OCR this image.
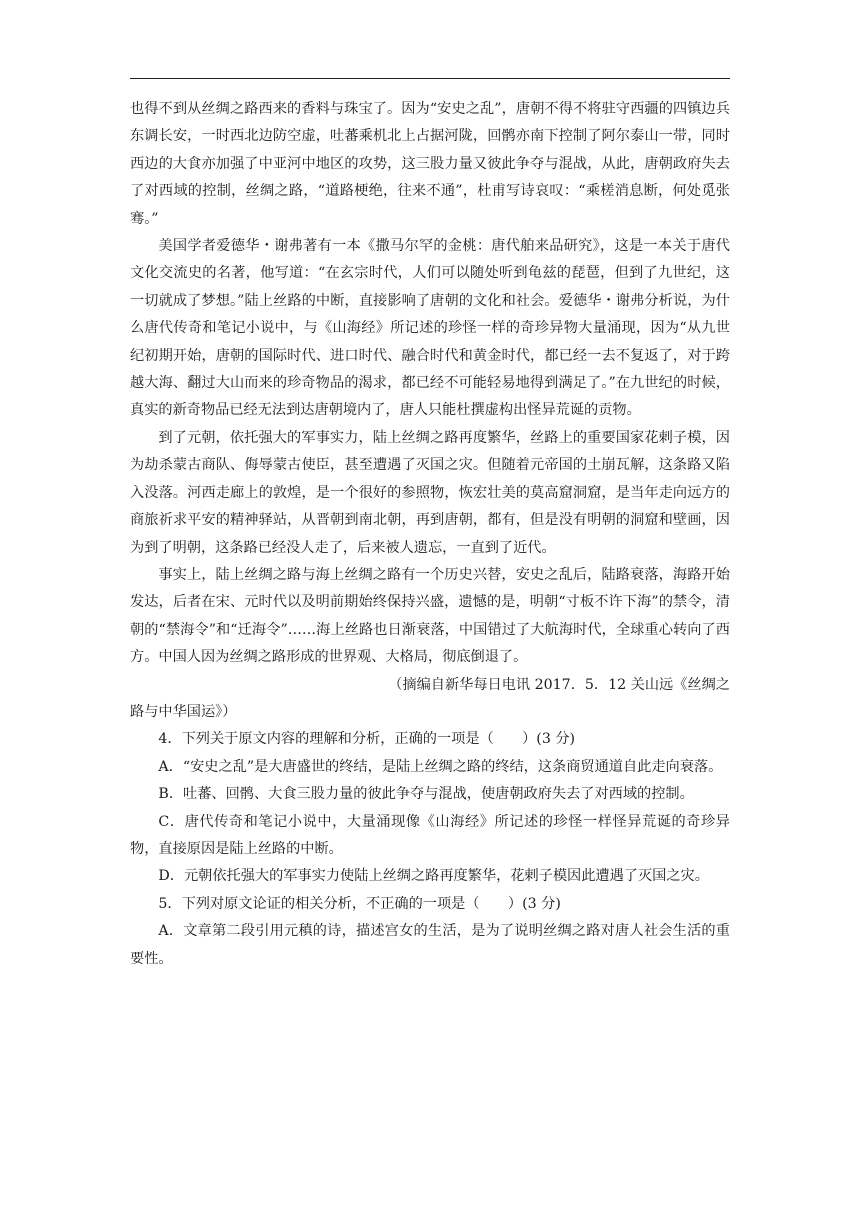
也得不到从丝绸之路西来的香料与珠宝了。因为“安史之乱”，唐朝不得不将驻守西疆的四镇边兵东调长安，一时西北边防空虚，吐蕃乘机北上占据河陇，回鹘亦南下控制了阿尔泰山一带，同时西边的大食亦加强了中亚河中地区的攻势，这三股力量又彼此争夺与混战，从此，唐朝政府失去了对西域的控制，丝绸之路，“道路梗绝，往来不通”，杜甫写诗哀叹：“乘槎消息断，何处觅张骞。”

美国学者爱德华・谢弗著有一本《撒马尔罕的金桃：唐代舶来品研究》，这是一本关于唐代文化交流史的名著，他写道：“在玄宗时代，人们可以随处听到龟兹的琵琶，但到了九世纪，这一切就成了梦想。”陆上丝路的中断，直接影响了唐朝的文化和社会。爱德华・谢弗分析说，为什么唐代传奇和笔记小说中，与《山海经》所记述的珍怪一样的奇珍异物大量涌现，因为“从九世纪初期开始，唐朝的国际时代、进口时代、融合时代和黄金时代，都已经一去不复返了，对于跨越大海、翻过大山而来的珍奇物品的渴求，都已经不可能轻易地得到满足了。”在九世纪的时候，真实的新奇物品已经无法到达唐朝境内了，唐人只能杜撰虚构出怪异荒诞的贡物。

到了元朝，依托强大的军事实力，陆上丝绸之路再度繁华，丝路上的重要国家花剌子模，因为劫杀蒙古商队、侮辱蒙古使臣，甚至遭遇了灭国之灾。但随着元帝国的土崩瓦解，这条路又陷入没落。河西走廊上的敦煌，是一个很好的参照物，恢宏壮美的莫高窟洞窟，是当年走向远方的商旅祈求平安的精神驿站，从晋朝到南北朝，再到唐朝，都有，但是没有明朝的洞窟和壁画，因为到了明朝，这条路已经没人走了，后来被人遗忘，一直到了近代。

事实上，陆上丝绸之路与海上丝绸之路有一个历史兴替，安史之乱后，陆路衰落，海路开始发达，后者在宋、元时代以及明前期始终保持兴盛，遗憾的是，明朝“寸板不许下海”的禁令，清朝的“禁海令”和“迁海令”……海上丝路也日渐衰落，中国错过了大航海时代，全球重心转向了西方。中国人因为丝绸之路形成的世界观、大格局，彻底倒退了。

（摘编自新华每日电讯 2017．5．12 关山远《丝绸之

路与中华国运》）

4．下列关于原文内容的理解和分析，正确的一项是（　　）(3 分)

A．“安史之乱”是大唐盛世的终结，是陆上丝绸之路的终结，这条商贸通道自此走向衰落。

B．吐蕃、回鹘、大食三股力量的彼此争夺与混战，使唐朝政府失去了对西域的控制。

C．唐代传奇和笔记小说中，大量涌现像《山海经》所记述的珍怪一样怪异荒诞的奇珍异物，直接原因是陆上丝路的中断。

D．元朝依托强大的军事实力使陆上丝绸之路再度繁华，花剌子模因此遭遇了灭国之灾。

5．下列对原文论证的相关分析，不正确的一项是（　　）(3 分)

A．文章第二段引用元稹的诗，描述宫女的生活，是为了说明丝绸之路对唐人社会生活的重要性。
